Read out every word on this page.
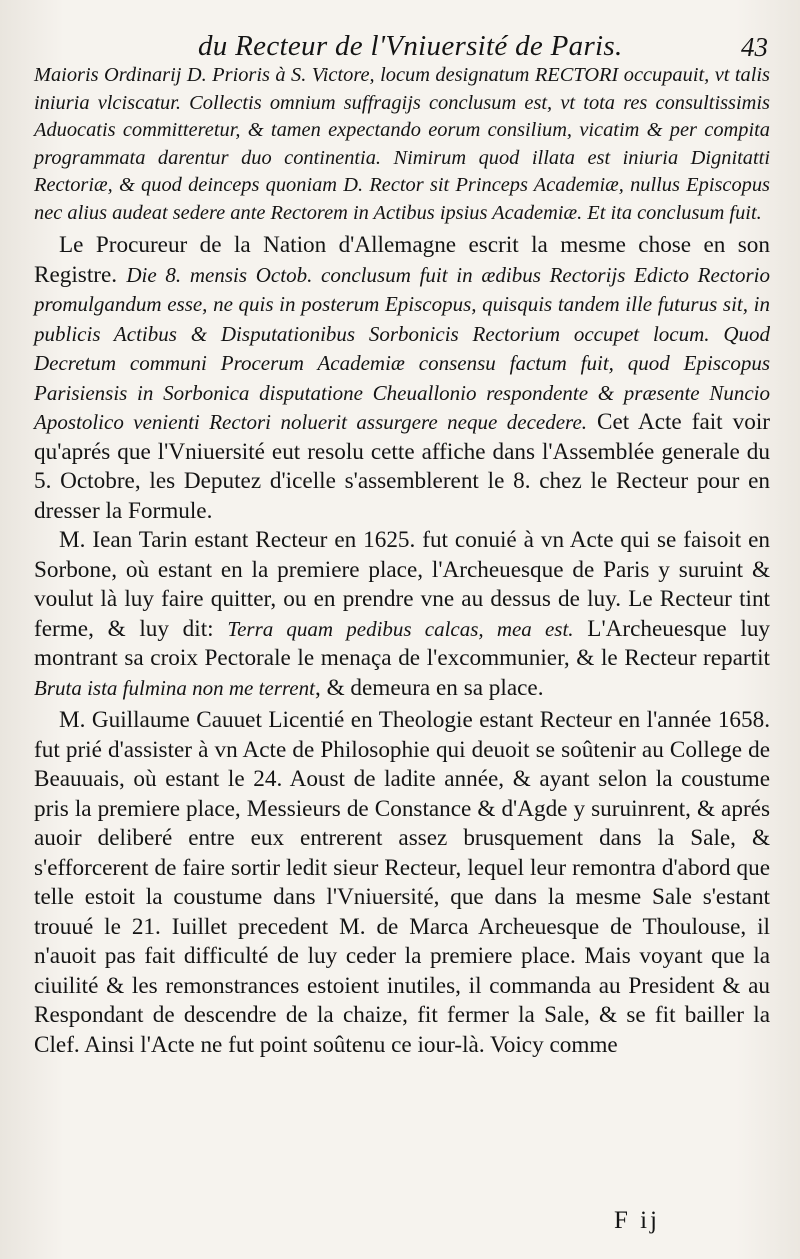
du Recteur de l'Vniuersité de Paris.	43

Maioris Ordinarij D. Prioris à S. Victore, locum designatum RECTORI occupauit, vt talis iniuria vlciscatur. Collectis omnium suffragijs conclusum est, vt tota res consultissimis Aduocatis committeretur, & tamen expectando eorum consilium, vicatim & per compita programmata darentur duo continentia. Nimirum quod illata est iniuria Dignitatti Rectoriæ, & quod deinceps quoniam D. Rector sit Princeps Academiæ, nullus Episcopus nec alius audeat sedere ante Rectorem in Actibus ipsius Academiæ. Et ita conclusum fuit.

Le Procureur de la Nation d'Allemagne escrit la mesme chose en son Registre. Die 8. mensis Octob. conclusum fuit in ædibus Rectorijs Edicto Rectorio promulgandum esse, ne quis in posterum Episcopus, quisquis tandem ille futurus sit, in publicis Actibus & Disputationibus Sorbonicis Rectorium occupet locum. Quod Decretum communi Procerum Academiæ consensu factum fuit, quod Episcopus Parisiensis in Sorbonica disputatione Cheuallonio respondente & præsente Nuncio Apostolico venienti Rectori noluerit assurgere neque decedere. Cet Acte fait voir qu'aprés que l'Vniuersité eut resolu cette affiche dans l'Assemblée generale du 5. Octobre, les Deputez d'icelle s'assemblerent le 8. chez le Recteur pour en dresser la Formule.

M. Iean Tarin estant Recteur en 1625. fut conuié à vn Acte qui se faisoit en Sorbone, où estant en la premiere place, l'Archeuesque de Paris y suruint & voulut là luy faire quitter, ou en prendre vne au dessus de luy. Le Recteur tint ferme, & luy dit: Terra quam pedibus calcas, mea est. L'Archeuesque luy montrant sa croix Pectorale le menaça de l'excommunier, & le Recteur repartit Bruta ista fulmina non me terrent, & demeura en sa place.

M. Guillaume Cauuet Licentié en Theologie estant Recteur en l'année 1658. fut prié d'assister à vn Acte de Philosophie qui deuoit se soûtenir au College de Beauuais, où estant le 24. Aoust de ladite année, & ayant selon la coustume pris la premiere place, Messieurs de Constance & d'Agde y suruinrent, & aprés auoir deliberé entre eux entrerent assez brusquement dans la Sale, & s'efforcerent de faire sortir ledit sieur Recteur, lequel leur remontra d'abord que telle estoit la coustume dans l'Vniuersité, que dans la mesme Sale s'estant trouué le 21. Iuillet precedent M. de Marca Archeuesque de Thoulouse, il n'auoit pas fait difficulté de luy ceder la premiere place. Mais voyant que la ciuilité & les remonstrances estoient inutiles, il commanda au President & au Respondant de descendre de la chaize, fit fermer la Sale, & se fit bailler la Clef. Ainsi l'Acte ne fut point soûtenu ce iour-là. Voicy comme

F ij
